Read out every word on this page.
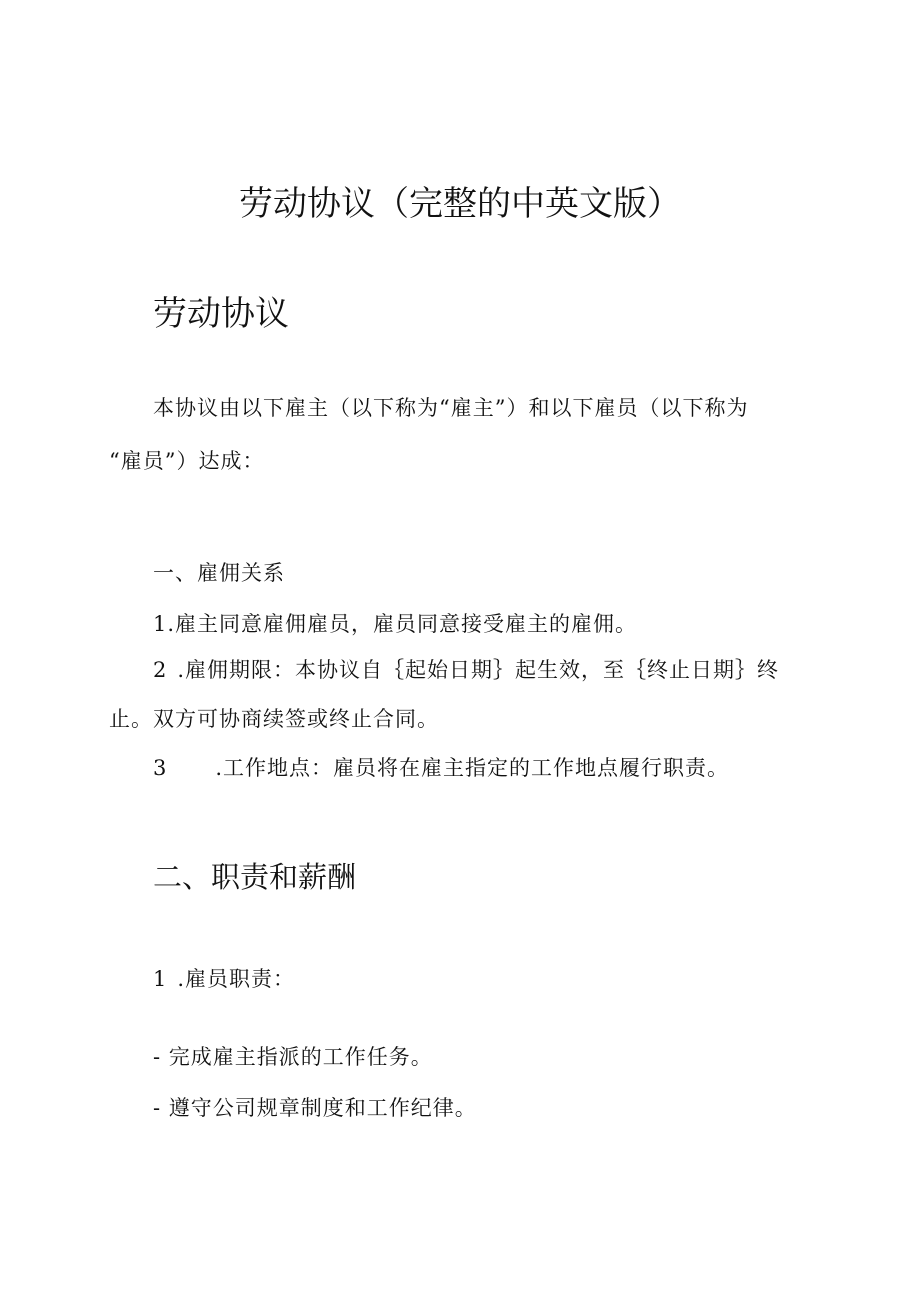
劳动协议（完整的中英文版）
劳动协议

本协议由以下雇主（以下称为“雇主”）和以下雇员（以下称为

“雇员”）达成：

一、雇佣关系

1.雇主同意雇佣雇员，雇员同意接受雇主的雇佣。

2 .雇佣期限：本协议自｛起始日期｝起生效，至｛终止日期｝终

止。双方可协商续签或终止合同。

3 .工作地点：雇员将在雇主指定的工作地点履行职责。

二、职责和薪酬

1 .雇员职责：

- 完成雇主指派的工作任务。

- 遵守公司规章制度和工作纪律。
